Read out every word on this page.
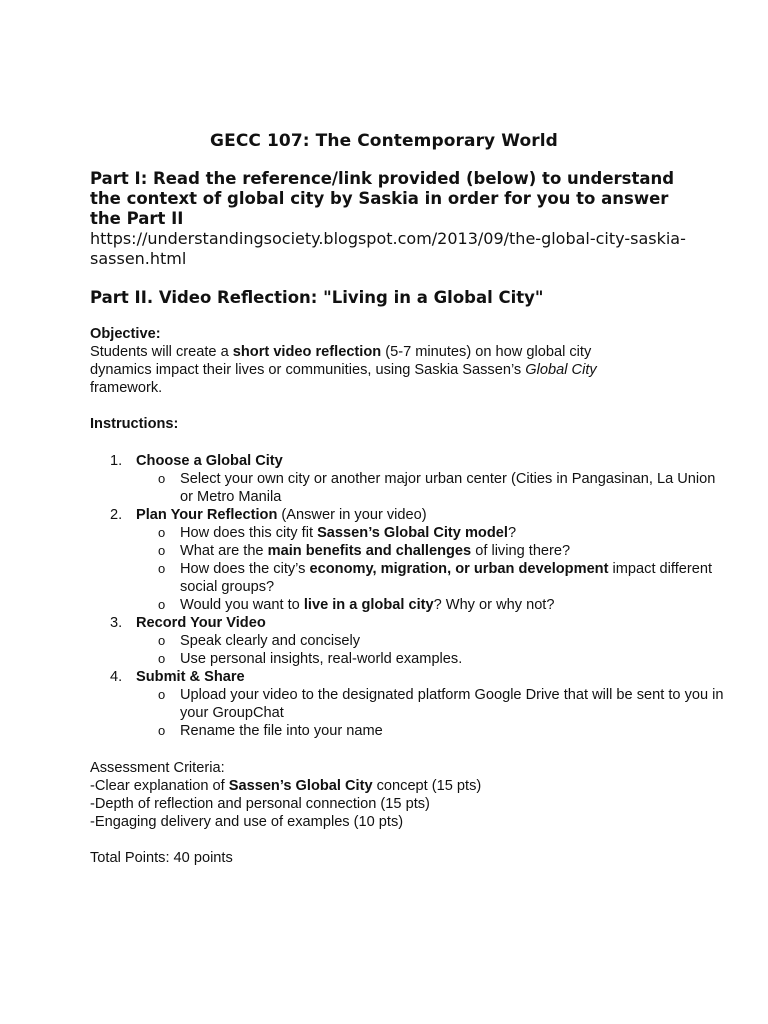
GECC 107: The Contemporary World
Part I: Read the reference/link provided (below) to understand the context of global city by Saskia in order for you to answer the Part II
https://understandingsociety.blogspot.com/2013/09/the-global-city-saskia-sassen.html
Part II. Video Reflection: "Living in a Global City"
Objective:
Students will create a short video reflection (5-7 minutes) on how global city dynamics impact their lives or communities, using Saskia Sassen’s Global City framework.
Instructions:
1. Choose a Global City
o Select your own city or another major urban center (Cities in Pangasinan, La Union or Metro Manila
2. Plan Your Reflection (Answer in your video)
o How does this city fit Sassen’s Global City model?
o What are the main benefits and challenges of living there?
o How does the city’s economy, migration, or urban development impact different social groups?
o Would you want to live in a global city? Why or why not?
3. Record Your Video
o Speak clearly and concisely
o Use personal insights, real-world examples.
4. Submit & Share
o Upload your video to the designated platform Google Drive that will be sent to you in your GroupChat
o Rename the file into your name
Assessment Criteria:
-Clear explanation of Sassen’s Global City concept (15 pts)
-Depth of reflection and personal connection (15 pts)
-Engaging delivery and use of examples (10 pts)
Total Points: 40 points
